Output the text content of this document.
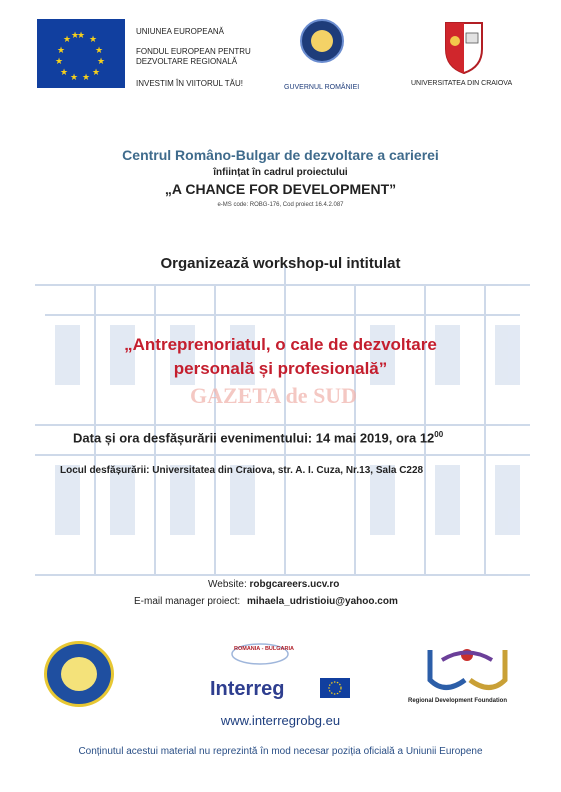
★ ★
★
★
★
★
★
★
★
★
★ ★	UNIUNEA EUROPEANĂ
FONDUL EUROPEAN PENTRU
DEZVOLTARE REGIONALĂ
INVESTIM ÎN VIITORUL TĂU!	GUVERNUL ROMÂNIEI
UNIVERSITATEA DIN CRAIOVA
Centrul Româno-Bulgar de dezvoltare a carierei
înființat în cadrul proiectului
„A CHANCE FOR DEVELOPMENT”
e-MS code: ROBG-176, Cod proiect 16.4.2.087
Organizează workshop-ul intitulat
„Antreprenoriatul, o cale de dezvoltare
personală și profesională”
GAZETA de SUD
Data și ora desfășurării evenimentului: 14 mai 2019, ora $12^{00}$
Locul desfășurării: Universitatea din Craiova, str. A. I. Cuza, Nr.13, Sala C228
Website: robgcareers.ucv.ro
E-mail manager proiect: mihaela_udristioiu@yahoo.com
ROMANIA - BULGARIA
Interreg
Regional Development Foundation
www.interregrobg.eu
Conținutul acestui material nu reprezintă în mod necesar poziția oficială a Uniunii Europene
